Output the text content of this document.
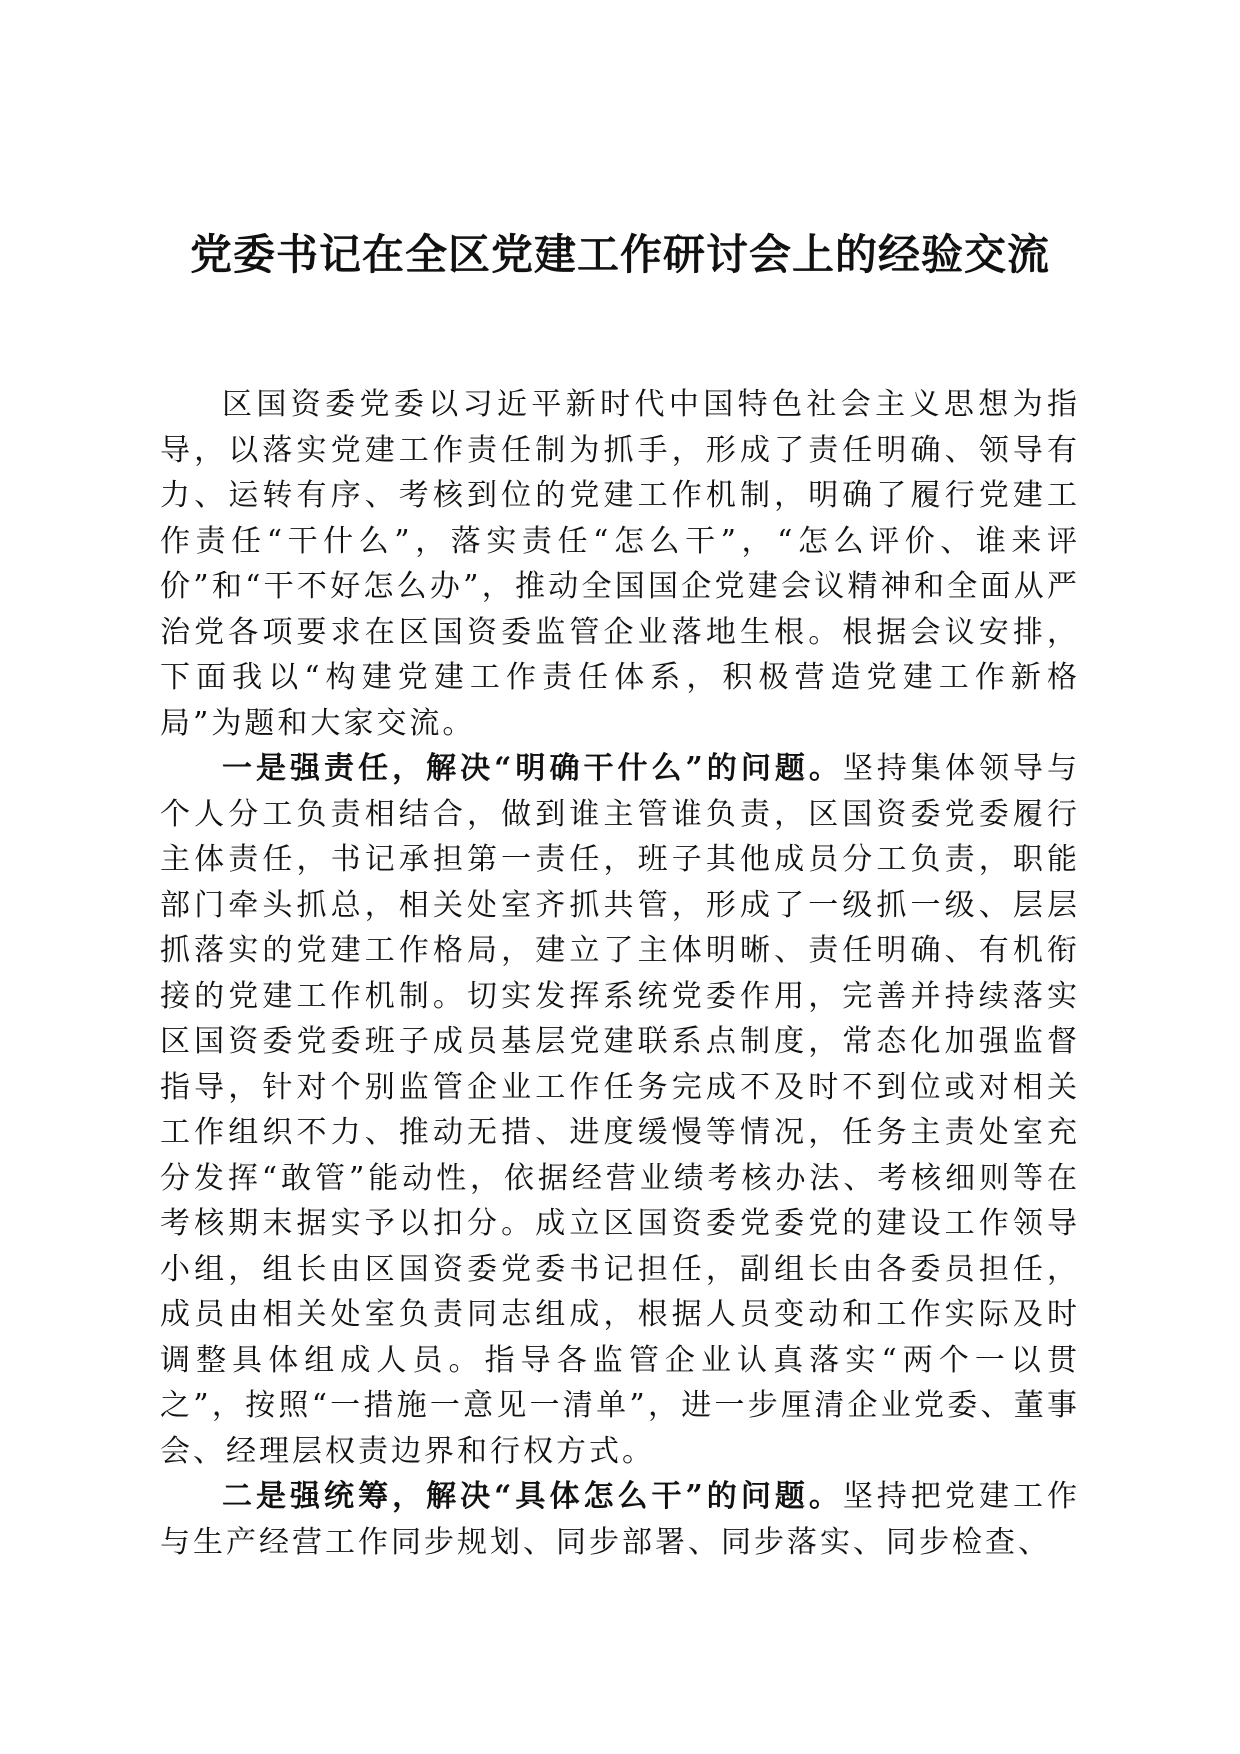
党委书记在全区党建工作研讨会上的经验交流

区国资委党委以习近平新时代中国特色社会主义思想为指导，以落实党建工作责任制为抓手，形成了责任明确、领导有力、运转有序、考核到位的党建工作机制，明确了履行党建工作责任“干什么”，落实责任“怎么干”，“怎么评价、谁来评价”和“干不好怎么办”，推动全国国企党建会议精神和全面从严治党各项要求在区国资委监管企业落地生根。根据会议安排，下面我以“构建党建工作责任体系，积极营造党建工作新格局”为题和大家交流。

一是强责任，解决“明确干什么”的问题。坚持集体领导与个人分工负责相结合，做到谁主管谁负责，区国资委党委履行主体责任，书记承担第一责任，班子其他成员分工负责，职能部门牵头抓总，相关处室齐抓共管，形成了一级抓一级、层层抓落实的党建工作格局，建立了主体明晰、责任明确、有机衔接的党建工作机制。切实发挥系统党委作用，完善并持续落实区国资委党委班子成员基层党建联系点制度，常态化加强监督指导，针对个别监管企业工作任务完成不及时不到位或对相关工作组织不力、推动无措、进度缓慢等情况，任务主责处室充分发挥“敢管”能动性，依据经营业绩考核办法、考核细则等在考核期末据实予以扣分。成立区国资委党委党的建设工作领导小组，组长由区国资委党委书记担任，副组长由各委员担任，成员由相关处室负责同志组成，根据人员变动和工作实际及时调整具体组成人员。指导各监管企业认真落实“两个一以贯之”，按照“一措施一意见一清单”，进一步厘清企业党委、董事会、经理层权责边界和行权方式。

二是强统筹，解决“具体怎么干”的问题。坚持把党建工作与生产经营工作同步规划、同步部署、同步落实、同步检查、
